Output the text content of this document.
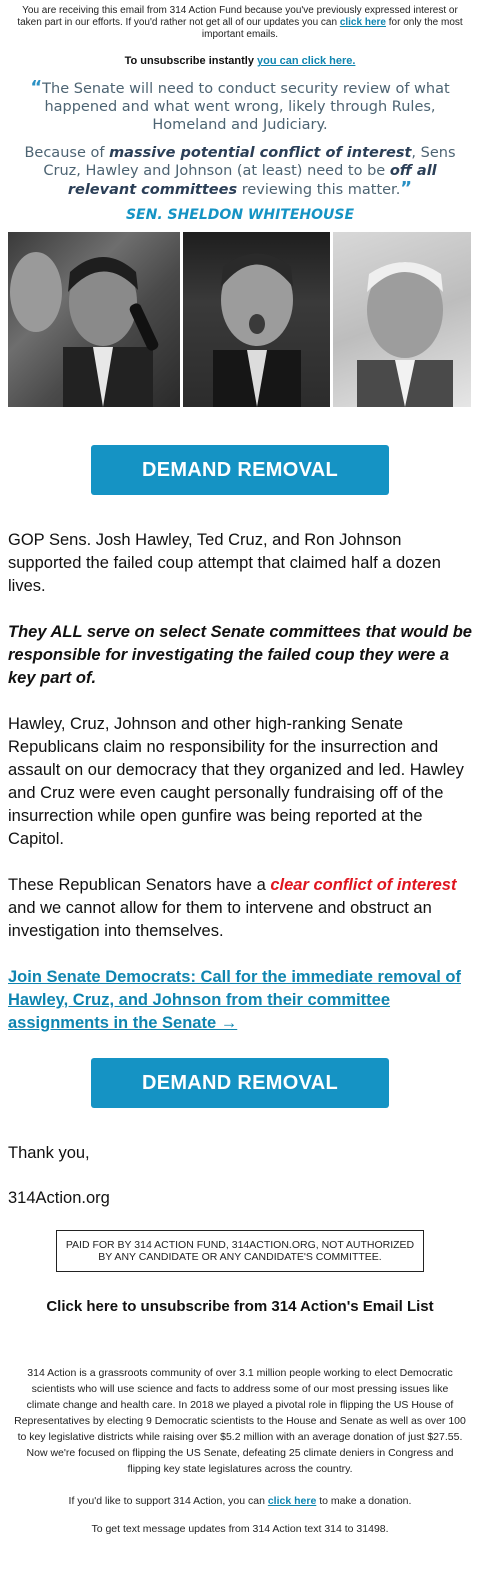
You are receiving this email from 314 Action Fund because you've previously expressed interest or taken part in our efforts. If you'd rather not get all of our updates you can click here for only the most important emails.
To unsubscribe instantly you can click here.

“The Senate will need to conduct security review of what happened and what went wrong, likely through Rules, Homeland and Judiciary.

Because of massive potential conflict of interest, Sens Cruz, Hawley and Johnson (at least) need to be off all relevant committees reviewing this matter.”

SEN. SHELDON WHITEHOUSE
DEMAND REMOVAL

GOP Sens. Josh Hawley, Ted Cruz, and Ron Johnson supported the failed coup attempt that claimed half a dozen lives.

They ALL serve on select Senate committees that would be responsible for investigating the failed coup they were a key part of.

Hawley, Cruz, Johnson and other high-ranking Senate Republicans claim no responsibility for the insurrection and assault on our democracy that they organized and led. Hawley and Cruz were even caught personally fundraising off of the insurrection while open gunfire was being reported at the Capitol.

These Republican Senators have a clear conflict of interest and we cannot allow for them to intervene and obstruct an investigation into themselves.

Join Senate Democrats: Call for the immediate removal of Hawley, Cruz, and Johnson from their committee assignments in the Senate →

DEMAND REMOVAL
Thank you,
314Action.org
PAID FOR BY 314 ACTION FUND, 314ACTION.ORG, NOT AUTHORIZED BY ANY CANDIDATE OR ANY CANDIDATE'S COMMITTEE.
Click here to unsubscribe from 314 Action's Email List
314 Action is a grassroots community of over 3.1 million people working to elect Democratic scientists who will use science and facts to address some of our most pressing issues like climate change and health care. In 2018 we played a pivotal role in flipping the US House of Representatives by electing 9 Democratic scientists to the House and Senate as well as over 100 to key legislative districts while raising over $5.2 million with an average donation of just $27.55. Now we're focused on flipping the US Senate, defeating 25 climate deniers in Congress and flipping key state legislatures across the country.
If you'd like to support 314 Action, you can click here to make a donation.
To get text message updates from 314 Action text 314 to 31498.
